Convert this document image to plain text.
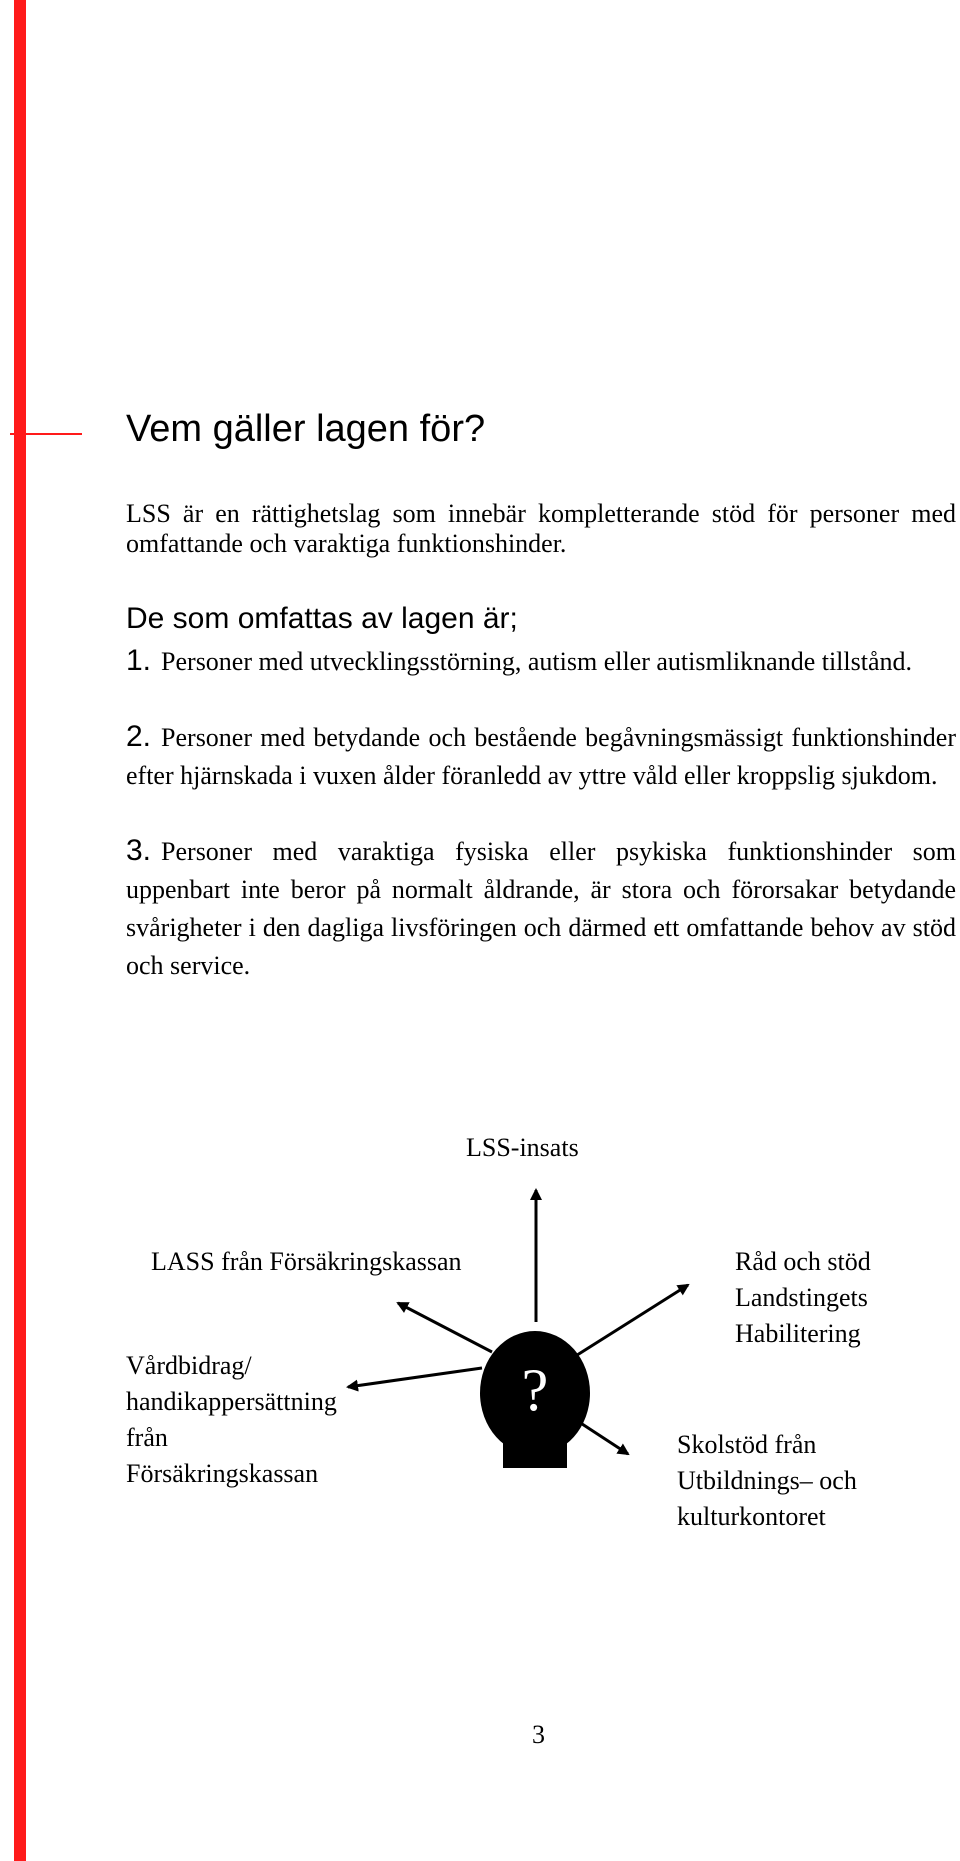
Vem gäller lagen för?

LSS är en rättighetslag som innebär kompletterande stöd för personer med omfattande och varaktiga funktionshinder.

De som omfattas av lagen är;

1. Personer med utvecklingsstörning, autism eller autismliknande tillstånd.

2. Personer med betydande och bestående begåvningsmässigt funktionshinder efter hjärnskada i vuxen ålder föranledd av yttre våld eller kroppslig sjukdom.

3. Personer med varaktiga fysiska eller psykiska funktionshinder som uppenbart inte beror på normalt åldrande, är stora och förorsakar betydande svårigheter i den dagliga livsföringen och därmed ett omfattande behov av stöd och service.

?

LSS-insats

LASS från Försäkringskassan

Vårdbidrag/ handikappersättning från Försäkringskassan

Råd och stöd Landstingets Habilitering

Skolstöd från Utbildnings– och kulturkontoret

3
